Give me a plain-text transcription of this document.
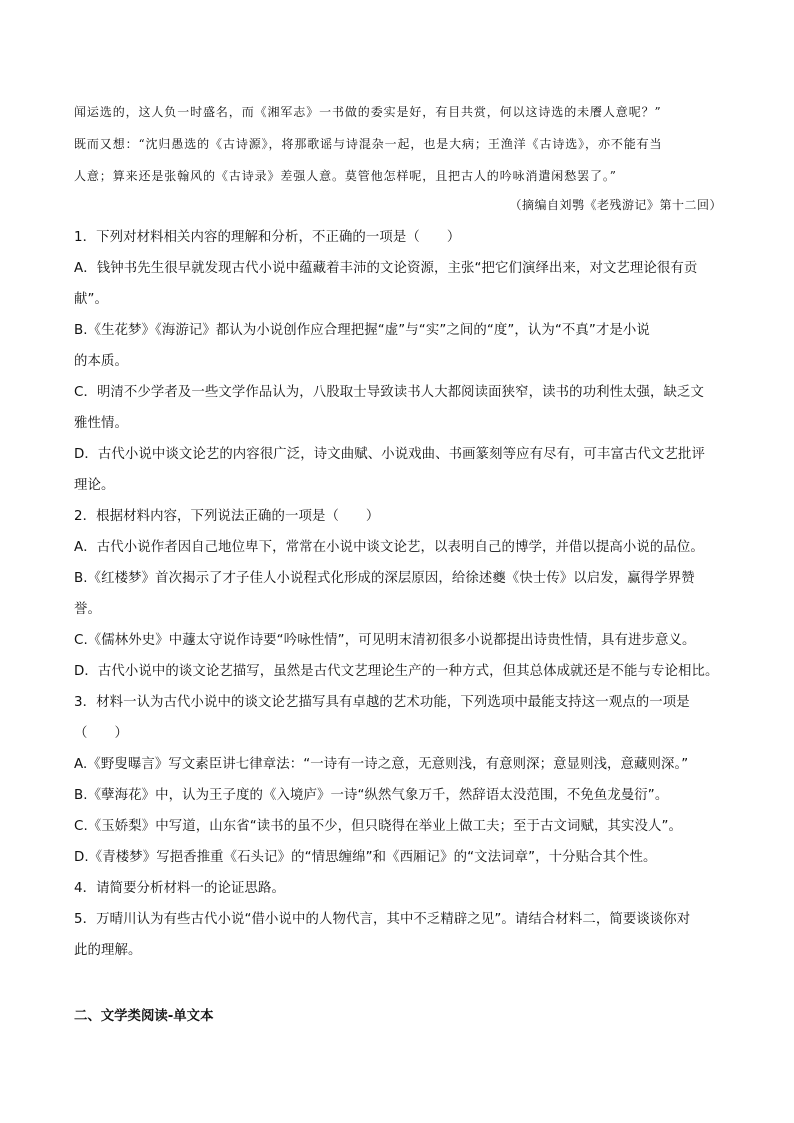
闻运选的，这人负一时盛名，而《湘军志》一书做的委实是好，有目共赏，何以这诗选的未餍人意呢？”
既而又想：“沈归愚选的《古诗源》，将那歌谣与诗混杂一起，也是大病；王渔洋《古诗选》，亦不能有当
人意；算来还是张翰风的《古诗录》差强人意。莫管他怎样呢，且把古人的吟咏消遣闲愁罢了。”
（摘编自刘鹗《老残游记》第十二回）
1．下列对材料相关内容的理解和分析，不正确的一项是（　　）
A．钱钟书先生很早就发现古代小说中蕴藏着丰沛的文论资源，主张“把它们演绎出来，对文艺理论很有贡
献”。
B.《生花梦》《海游记》都认为小说创作应合理把握“虚”与“实”之间的“度”，认为“不真”才是小说
的本质。
C．明清不少学者及一些文学作品认为，八股取士导致读书人大都阅读面狭窄，读书的功利性太强，缺乏文
雅性情。
D．古代小说中谈文论艺的内容很广泛，诗文曲赋、小说戏曲、书画篆刻等应有尽有，可丰富古代文艺批评
理论。
2．根据材料内容，下列说法正确的一项是（　　）
A．古代小说作者因自己地位卑下，常常在小说中谈文论艺，以表明自己的博学，并借以提高小说的品位。
B.《红楼梦》首次揭示了才子佳人小说程式化形成的深层原因，给徐述夔《快士传》以启发，赢得学界赞
誉。
C.《儒林外史》中蘧太守说作诗要“吟咏性情”，可见明末清初很多小说都提出诗贵性情，具有进步意义。
D．古代小说中的谈文论艺描写，虽然是古代文艺理论生产的一种方式，但其总体成就还是不能与专论相比。
3．材料一认为古代小说中的谈文论艺描写具有卓越的艺术功能，下列选项中最能支持这一观点的一项是
（　　）
A.《野叟曝言》写文素臣讲七律章法：“一诗有一诗之意，无意则浅，有意则深；意显则浅，意藏则深。”
B.《孽海花》中，认为王子度的《入境庐》一诗“纵然气象万千，然辞语太没范围，不免鱼龙曼衍”。
C.《玉娇梨》中写道，山东省“读书的虽不少，但只晓得在举业上做工夫；至于古文词赋，其实没人”。
D.《青楼梦》写挹香推重《石头记》的“情思缠绵”和《西厢记》的“文法词章”，十分贴合其个性。
4．请简要分析材料一的论证思路。
5．万晴川认为有些古代小说“借小说中的人物代言，其中不乏精辟之见”。请结合材料二，简要谈谈你对
此的理解。
二、文学类阅读-单文本
